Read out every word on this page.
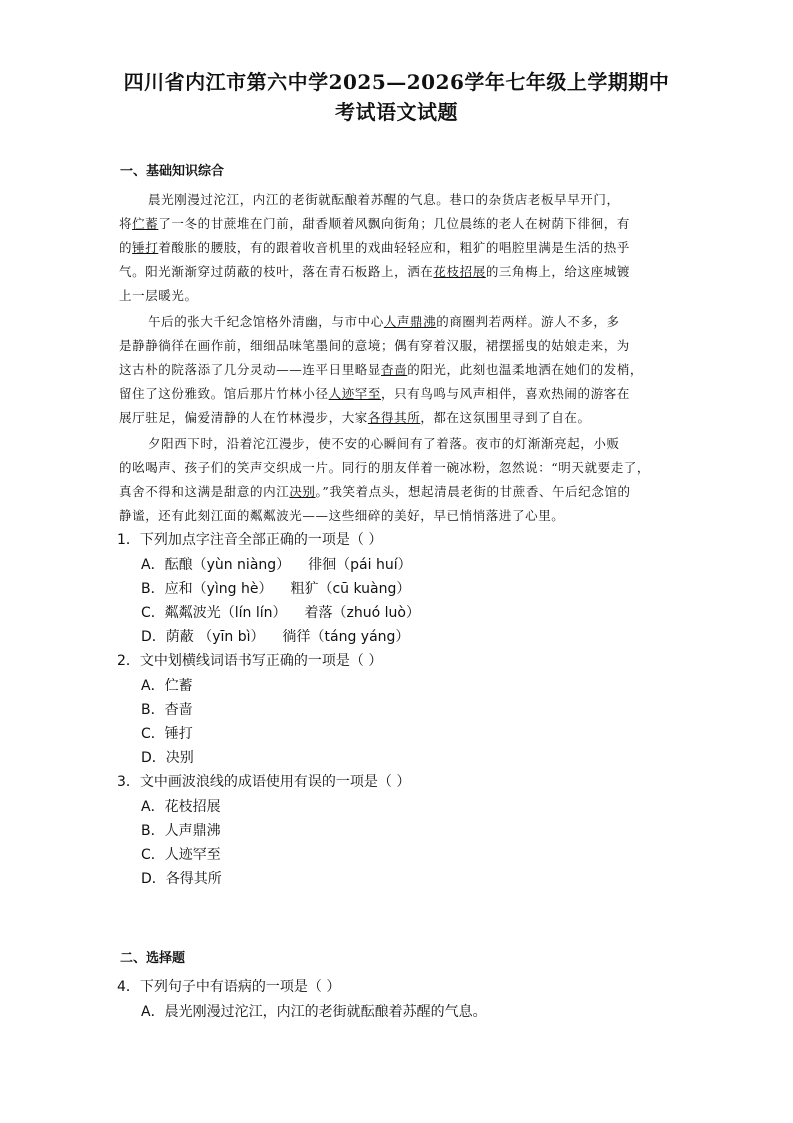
四川省内江市第六中学2025—2026学年七年级上学期期中
考试语文试题
一、基础知识综合
晨光刚漫过沱江，内江的老街就酝酿着苏醒的气息。巷口的杂货店老板早早开门，
将伫蓄了一冬的甘蔗堆在门前，甜香顺着风飘向街角；几位晨练的老人在树荫下徘徊，有
的锤打着酸胀的腰肢，有的跟着收音机里的戏曲轻轻应和，粗犷的唱腔里满是生活的热乎
气。阳光渐渐穿过荫蔽的枝叶，落在青石板路上，洒在花枝招展的三角梅上，给这座城镀
上一层暖光。
午后的张大千纪念馆格外清幽，与市中心人声鼎沸的商圈判若两样。游人不多，多
是静静徜徉在画作前，细细品味笔墨间的意境；偶有穿着汉服，裙摆摇曳的姑娘走来，为
这古朴的院落添了几分灵动——连平日里略显杳啬的阳光，此刻也温柔地洒在她们的发梢，
留住了这份雅致。馆后那片竹林小径人迹罕至，只有鸟鸣与风声相伴，喜欢热闹的游客在
展厅驻足，偏爱清静的人在竹林漫步，大家各得其所，都在这氛围里寻到了自在。
夕阳西下时，沿着沱江漫步，使不安的心瞬间有了着落。夜市的灯渐渐亮起，小贩
的吆喝声、孩子们的笑声交织成一片。同行的朋友佯着一碗冰粉，忽然说：“明天就要走了，
真舍不得和这满是甜意的内江决别。”我笑着点头，想起清晨老街的甘蔗香、午后纪念馆的
静谧，还有此刻江面的粼粼波光——这些细碎的美好，早已悄悄落进了心里。
1．下列加点字注音全部正确的一项是（ ）
A．酝酿（yùn niàng） 徘徊（pái huí）
B．应和（yìng hè） 粗犷（cū kuàng）
C．粼粼波光（lín lín） 着落（zhuó luò）
D．荫蔽 （yīn bì） 徜徉（táng yáng）
2．文中划横线词语书写正确的一项是（ ）
A．伫蓄
B．杳啬
C．锤打
D．决别
3．文中画波浪线的成语使用有误的一项是（ ）
A．花枝招展
B．人声鼎沸
C．人迹罕至
D．各得其所
二、选择题
4．下列句子中有语病的一项是（ ）
A．晨光刚漫过沱江，内江的老街就酝酿着苏醒的气息。
